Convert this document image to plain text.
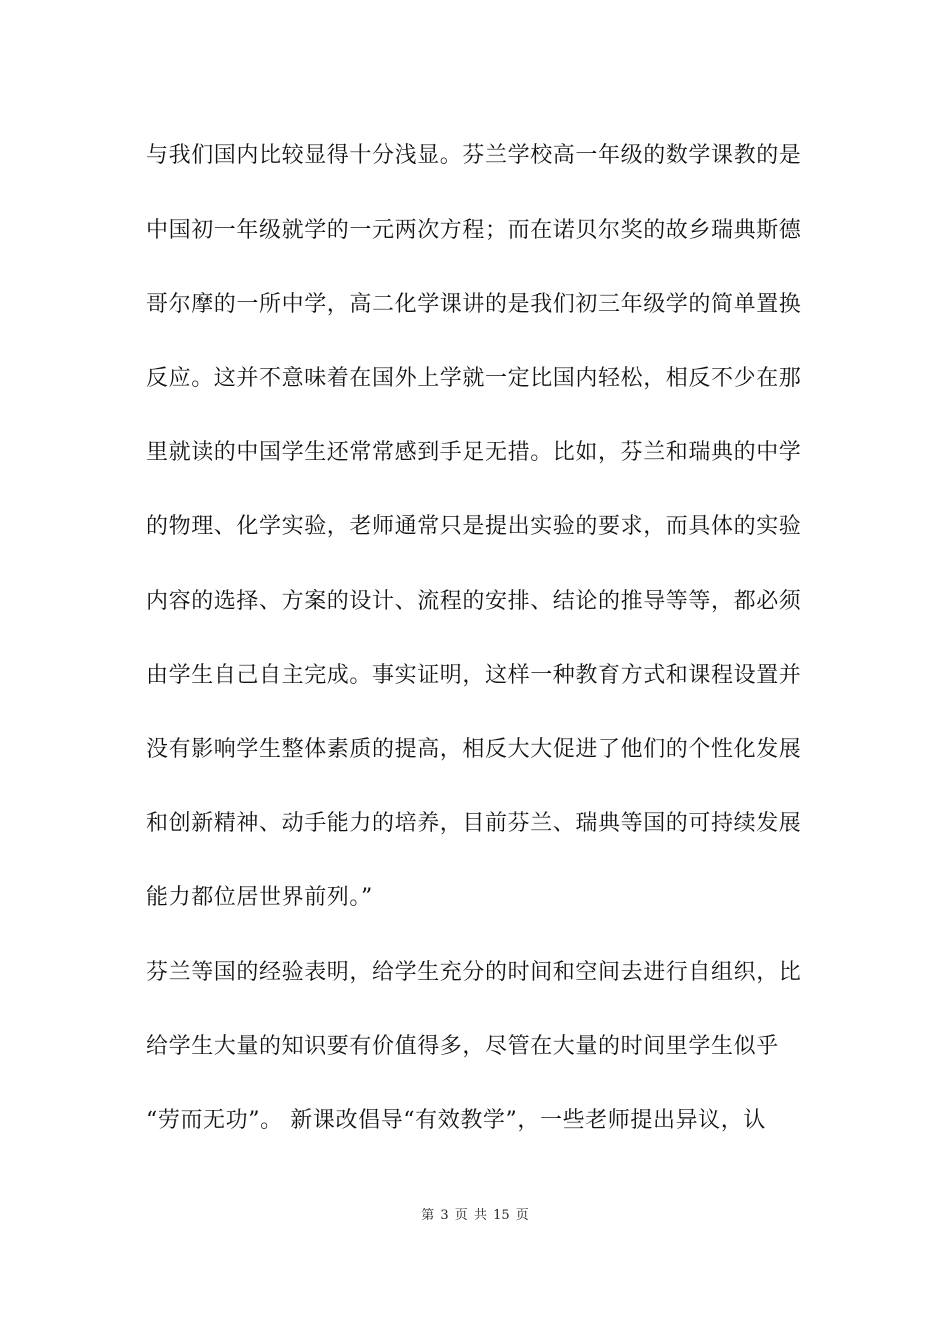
与我们国内比较显得十分浅显。芬兰学校高一年级的数学课教的是
中国初一年级就学的一元两次方程；而在诺贝尔奖的故乡瑞典斯德
哥尔摩的一所中学，高二化学课讲的是我们初三年级学的简单置换
反应。这并不意味着在国外上学就一定比国内轻松，相反不少在那
里就读的中国学生还常常感到手足无措。比如，芬兰和瑞典的中学
的物理、化学实验，老师通常只是提出实验的要求，而具体的实验
内容的选择、方案的设计、流程的安排、结论的推导等等，都必须
由学生自己自主完成。事实证明，这样一种教育方式和课程设置并
没有影响学生整体素质的提高，相反大大促进了他们的个性化发展
和创新精神、动手能力的培养，目前芬兰、瑞典等国的可持续发展
能力都位居世界前列。”
芬兰等国的经验表明，给学生充分的时间和空间去进行自组织，比
给学生大量的知识要有价值得多，尽管在大量的时间里学生似乎
“劳而无功”。 新课改倡导“有效教学”，一些老师提出异议，认
第 3 页 共 15 页
